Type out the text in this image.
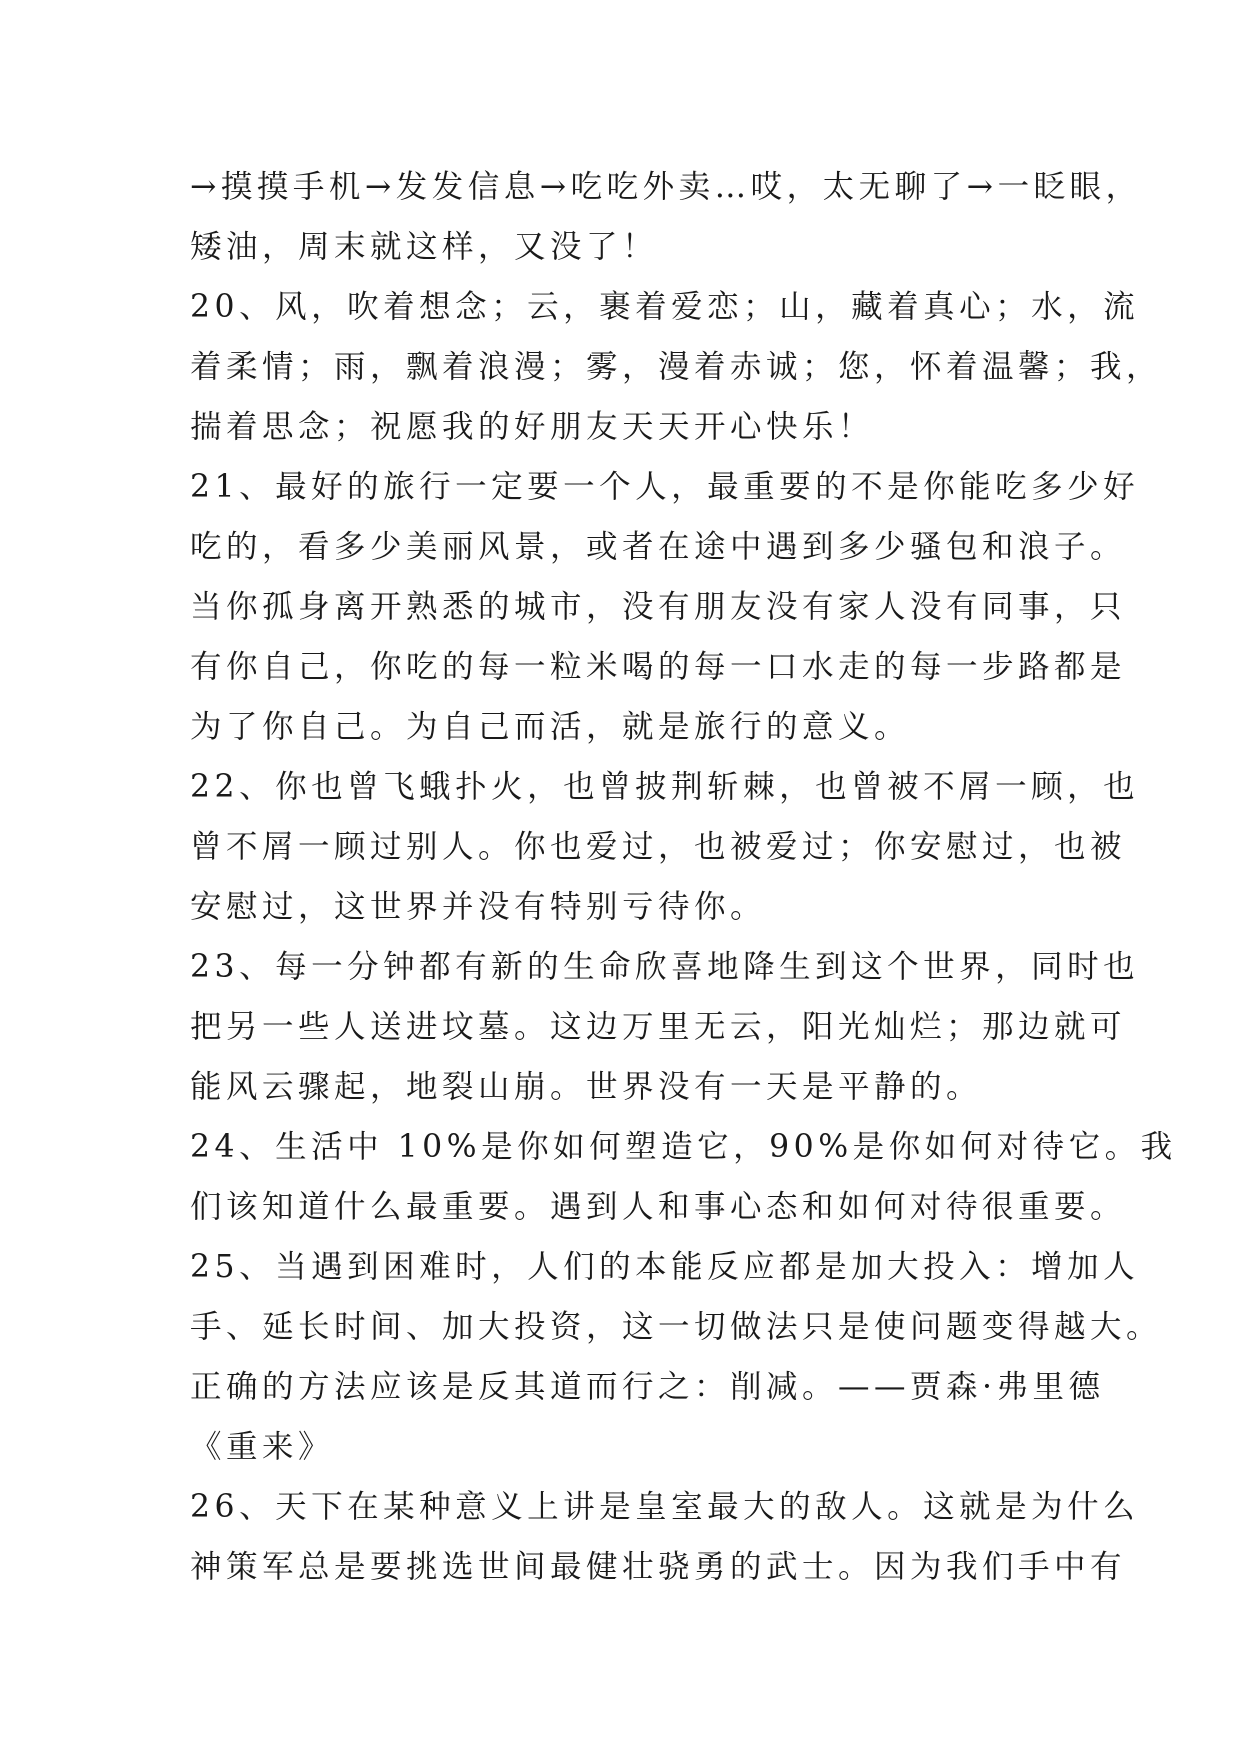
→摸摸手机→发发信息→吃吃外卖…哎，太无聊了→一眨眼，
矮油，周末就这样，又没了！
20、风，吹着想念；云，裹着爱恋；山，藏着真心；水，流
着柔情；雨，飘着浪漫；雾，漫着赤诚；您，怀着温馨；我，
揣着思念；祝愿我的好朋友天天开心快乐！
21、最好的旅行一定要一个人，最重要的不是你能吃多少好
吃的，看多少美丽风景，或者在途中遇到多少骚包和浪子。
当你孤身离开熟悉的城市，没有朋友没有家人没有同事，只
有你自己，你吃的每一粒米喝的每一口水走的每一步路都是
为了你自己。为自己而活，就是旅行的意义。
22、你也曾飞蛾扑火，也曾披荆斩棘，也曾被不屑一顾，也
曾不屑一顾过别人。你也爱过，也被爱过；你安慰过，也被
安慰过，这世界并没有特别亏待你。
23、每一分钟都有新的生命欣喜地降生到这个世界，同时也
把另一些人送进坟墓。这边万里无云，阳光灿烂；那边就可
能风云骤起，地裂山崩。世界没有一天是平静的。
24、生活中 10%是你如何塑造它，90%是你如何对待它。我
们该知道什么最重要。遇到人和事心态和如何对待很重要。
25、当遇到困难时，人们的本能反应都是加大投入：增加人
手、延长时间、加大投资，这一切做法只是使问题变得越大。
正确的方法应该是反其道而行之：削减。——贾森·弗里德
《重来》
26、天下在某种意义上讲是皇室最大的敌人。这就是为什么
神策军总是要挑选世间最健壮骁勇的武士。因为我们手中有
